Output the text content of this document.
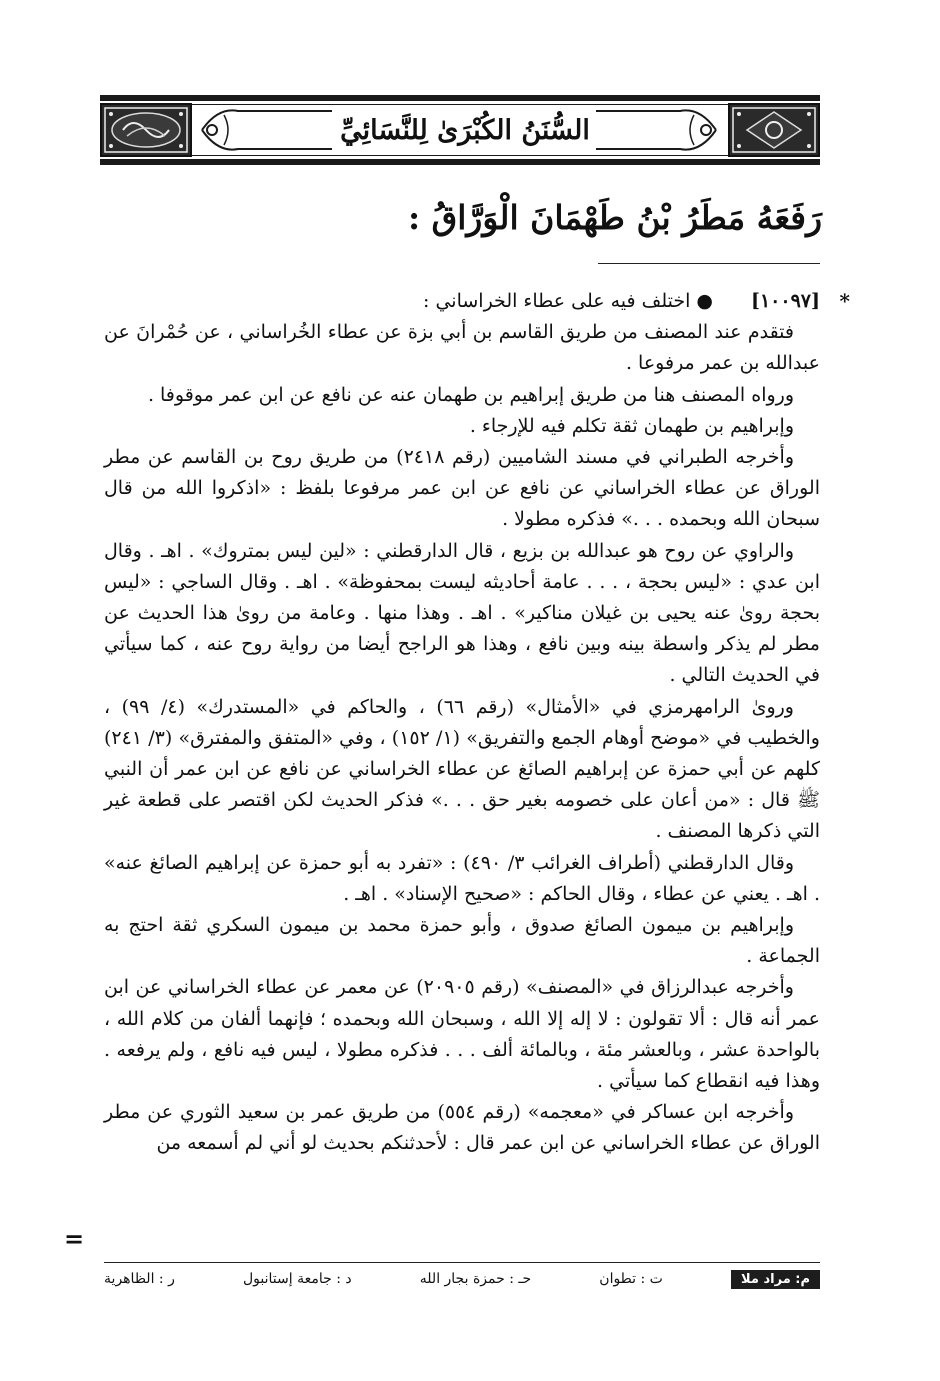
السُّنَنُ الكُبْرَىٰ لِلنَّسَائِيِّ
رَفَعَهُ مَطَرُ بْنُ طَهْمَانَ الْوَرَّاقُ :
*

[١٠٠٩٧]
●
اختلف فيه على عطاء الخراساني :

فتقدم عند المصنف من طريق القاسم بن أبي بزة عن عطاء الخُراساني ، عن حُمْرانَ عن عبدالله بن عمر مرفوعا .

ورواه المصنف هنا من طريق إبراهيم بن طهمان عنه عن نافع عن ابن عمر موقوفا .

وإبراهيم بن طهمان ثقة تكلم فيه للإرجاء .

وأخرجه الطبراني في مسند الشاميين (رقم ٢٤١٨) من طريق روح بن القاسم عن مطر الوراق عن عطاء الخراساني عن نافع عن ابن عمر مرفوعا بلفظ : «اذكروا الله من قال سبحان الله وبحمده . . .» فذكره مطولا .

والراوي عن روح هو عبدالله بن بزيع ، قال الدارقطني : «لين ليس بمتروك» . اهـ . وقال ابن عدي : «ليس بحجة ، . . . عامة أحاديثه ليست بمحفوظة» . اهـ . وقال الساجي : «ليس بحجة روىٰ عنه يحيى بن غيلان مناكير» . اهـ . وهذا منها . وعامة من روىٰ هذا الحديث عن مطر لم يذكر واسطة بينه وبين نافع ، وهذا هو الراجح أيضا من رواية روح عنه ، كما سيأتي في الحديث التالي .

وروىٰ الرامهرمزي في «الأمثال» (رقم ٦٦) ، والحاكم في «المستدرك» (٤/ ٩٩) ، والخطيب في «موضح أوهام الجمع والتفريق» (١/ ١٥٢) ، وفي «المتفق والمفترق» (٣/ ٢٤١) كلهم عن أبي حمزة عن إبراهيم الصائغ عن عطاء الخراساني عن نافع عن ابن عمر أن النبي ﷺ قال : «من أعان على خصومه بغير حق . . .» فذكر الحديث لكن اقتصر على قطعة غير التي ذكرها المصنف .

وقال الدارقطني (أطراف الغرائب ٣/ ٤٩٠) : «تفرد به أبو حمزة عن إبراهيم الصائغ عنه» . اهـ . يعني عن عطاء ، وقال الحاكم : «صحيح الإسناد» . اهـ .

وإبراهيم بن ميمون الصائغ صدوق ، وأبو حمزة محمد بن ميمون السكري ثقة احتج به الجماعة .

وأخرجه عبدالرزاق في «المصنف» (رقم ٢٠٩٠٥) عن معمر عن عطاء الخراساني عن ابن عمر أنه قال : ألا تقولون : لا إله إلا الله ، وسبحان الله وبحمده ؛ فإنهما ألفان من كلام الله ، بالواحدة عشر ، وبالعشر مئة ، وبالمائة ألف . . . فذكره مطولا ، ليس فيه نافع ، ولم يرفعه . وهذا فيه انقطاع كما سيأتي .

وأخرجه ابن عساكر في «معجمه» (رقم ٥٥٤) من طريق عمر بن سعيد الثوري عن مطر الوراق عن عطاء الخراساني عن ابن عمر قال : لأحدثنكم بحديث لو أني لم أسمعه من

=
م: مراد ملا
ت : تطوان
حـ : حمزة بجار الله
د : جامعة إستانبول
ر : الظاهرية
